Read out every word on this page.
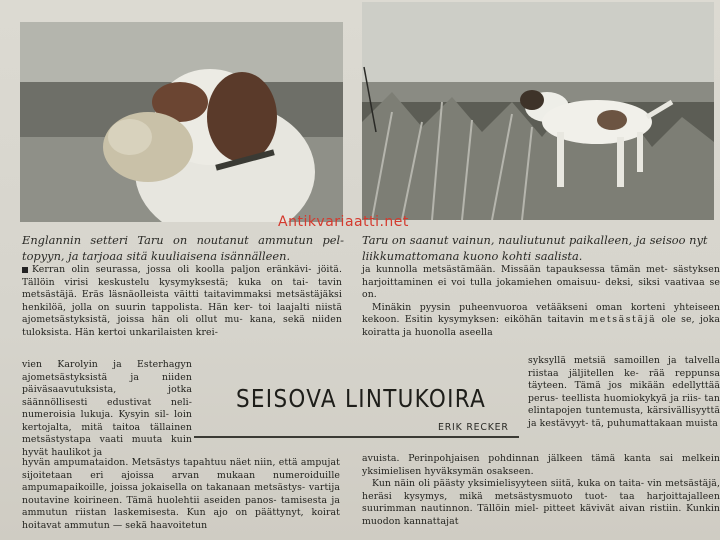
Antikvariaatti.net
Englannin setteri Taru on noutanut ammutun pel- topyyn, ja tarjoaa sitä kuuliaisena isännälleen.
Taru on saanut vainun, nauliutunut paikalleen, ja seisoo nyt liikkumattomana kuono kohti saalista.

Kerran olin seurassa, jossa oli koolla paljon eränkävi- jöitä. Tällöin virisi keskustelu kysymyksestä; kuka on tai- tavin metsästäjä. Eräs läsnäolleista väitti taitavimmaksi metsästäjäksi henkilöä, jolla on suurin tappolista. Hän ker- toi laajalti niistä ajometsästyksistä, joissa hän oli ollut mu- kana, sekä niiden tuloksista. Hän kertoi unkarilaisten krei-

vien Karolyin ja Esterhagyn ajometsästyksistä ja niiden päiväsaavutuksista, jotka säännöllisesti edustivat neli- numeroisia lukuja. Kysyin sil- loin kertojalta, mitä taitoa tällainen metsästystapa vaati muuta kuin hyvät haulikot ja
SEISOVA LINTUKOIRA
ERIK RECKER
hyvän ampumataidon. Metsästys tapahtuu näet niin, että ampujat sijoitetaan eri ajoissa arvan mukaan numeroiduille ampumapaikoille, joissa jokaisella on takanaan metsästys- vartija noutavine koirineen. Tämä huolehtii aseiden panos- tamisesta ja ammutun riistan laskemisesta. Kun ajo on päättynyt, koirat hoitavat ammutun — sekä haavoitetun

ja kunnolla metsästämään. Missään tapauksessa tämän met- sästyksen harjoittaminen ei voi tulla jokamiehen omaisuu- deksi, siksi vaativaa se on.

Minäkin pyysin puheenvuoroa vetääkseni oman korteni yhteiseen kekoon. Esitin kysymyksen: eiköhän taitavin metsästäjä ole se, joka koiratta ja huonolla aseella

syksyllä metsiä samoillen ja talvella riistaa jäljitellen ke- rää reppunsa täyteen. Tämä jos mikään edellyttää perus- teellista huomiokykyä ja riis- tan elintapojen tuntemusta, kärsivällisyyttä ja kestävyyt- tä, puhumattakaan muista

avuista. Perinpohjaisen pohdinnan jälkeen tämä kanta sai melkein yksimielisen hyväksymän osakseen.

Kun näin oli päästy yksimielisyyteen siitä, kuka on taita- vin metsästäjä, heräsi kysymys, mikä metsästysmuoto tuot- taa harjoittajalleen suurimman nautinnon. Tällöin miel- pitteet kävivät aivan ristiin. Kunkin muodon kannattajat
